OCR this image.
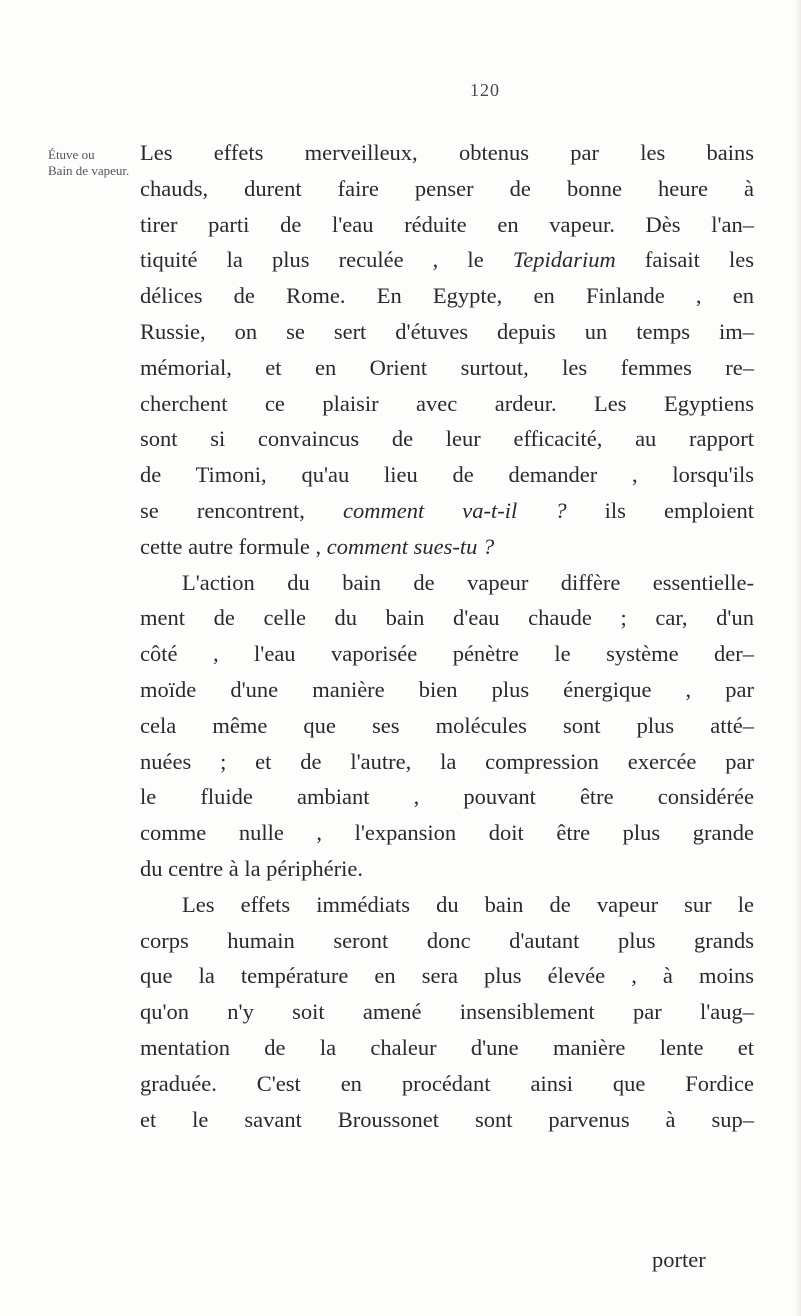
120
Étuve ou
Bain de vapeur.
Les effets merveilleux, obtenus par les bains
chauds, durent faire penser de bonne heure à
tirer parti de l'eau réduite en vapeur. Dès l'an–
tiquité la plus reculée , le Tepidarium faisait les
délices de Rome. En Egypte, en Finlande , en
Russie, on se sert d'étuves depuis un temps im–
mémorial, et en Orient surtout, les femmes re–
cherchent ce plaisir avec ardeur. Les Egyptiens
sont si convaincus de leur efficacité, au rapport
de Timoni, qu'au lieu de demander , lorsqu'ils
se rencontrent, comment va-t-il ? ils emploient
cette autre formule , comment sues-tu ?
L'action du bain de vapeur diffère essentielle-
ment de celle du bain d'eau chaude ; car, d'un
côté , l'eau vaporisée pénètre le système der–
moïde d'une manière bien plus énergique , par
cela même que ses molécules sont plus atté–
nuées ; et de l'autre, la compression exercée par
le fluide ambiant , pouvant être considérée
comme nulle , l'expansion doit être plus grande
du centre à la périphérie.
Les effets immédiats du bain de vapeur sur le
corps humain seront donc d'autant plus grands
que la température en sera plus élevée , à moins
qu'on n'y soit amené insensiblement par l'aug–
mentation de la chaleur d'une manière lente et
graduée. C'est en procédant ainsi que Fordice
et le savant Broussonet sont parvenus à sup–
porter
